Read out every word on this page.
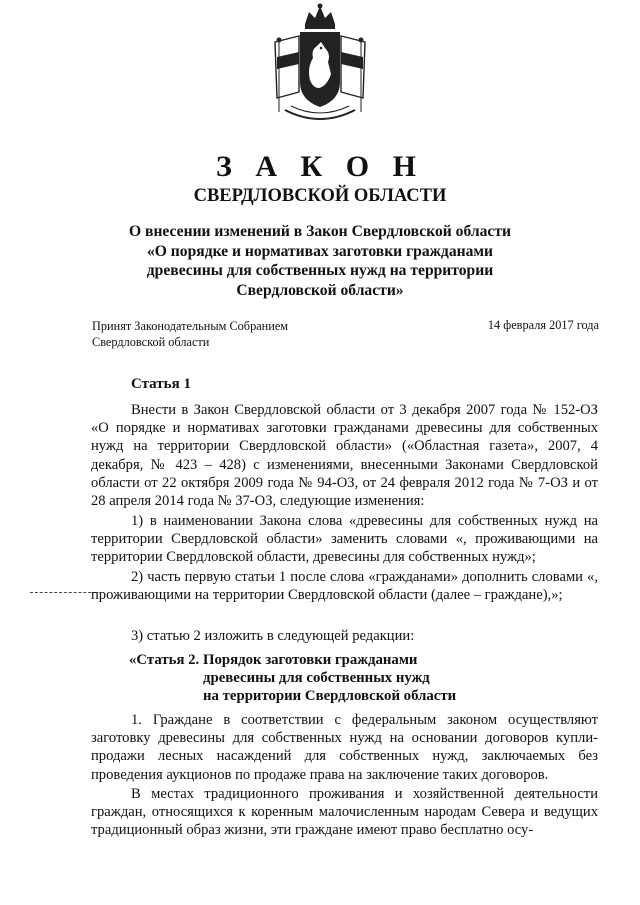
З А К О Н
СВЕРДЛОВСКОЙ ОБЛАСТИ
О внесении изменений в Закон Свердловской области
«О порядке и нормативах заготовки гражданами
древесины для собственных нужд на территории
Свердловской области»
Принят Законодательным Собранием
Свердловской области
14 февраля 2017 года
Статья 1

Внести в Закон Свердловской области от 3 декабря 2007 года № 152-ОЗ «О порядке и нормативах заготовки гражданами древесины для собственных нужд на территории Свердловской области» («Областная газета», 2007, 4 декабря, № 423 – 428) с изменениями, внесенными Законами Свердловской области от 22 октября 2009 года № 94-ОЗ, от 24 февраля 2012 года № 7-ОЗ и от 28 апреля 2014 года № 37-ОЗ, следующие изменения:

1) в наименовании Закона слова «древесины для собственных нужд на территории Свердловской области» заменить словами «, проживающими на территории Свердловской области, древесины для собственных нужд»;

2) часть первую статьи 1 после слова «гражданами» дополнить словами «, проживающими на территории Свердловской области (далее – граждане),»;

3) статью 2 изложить в следующей редакции:

«Статья 2. Порядок заготовки гражданами
древесины для собственных нужд
на территории Свердловской области

1. Граждане в соответствии с федеральным законом осуществляют заготовку древесины для собственных нужд на основании договоров купли-продажи лесных насаждений для собственных нужд, заключаемых без проведения аукционов по продаже права на заключение таких договоров.

В местах традиционного проживания и хозяйственной деятельности граждан, относящихся к коренным малочисленным народам Севера и ведущих традиционный образ жизни, эти граждане имеют право бесплатно осу-
